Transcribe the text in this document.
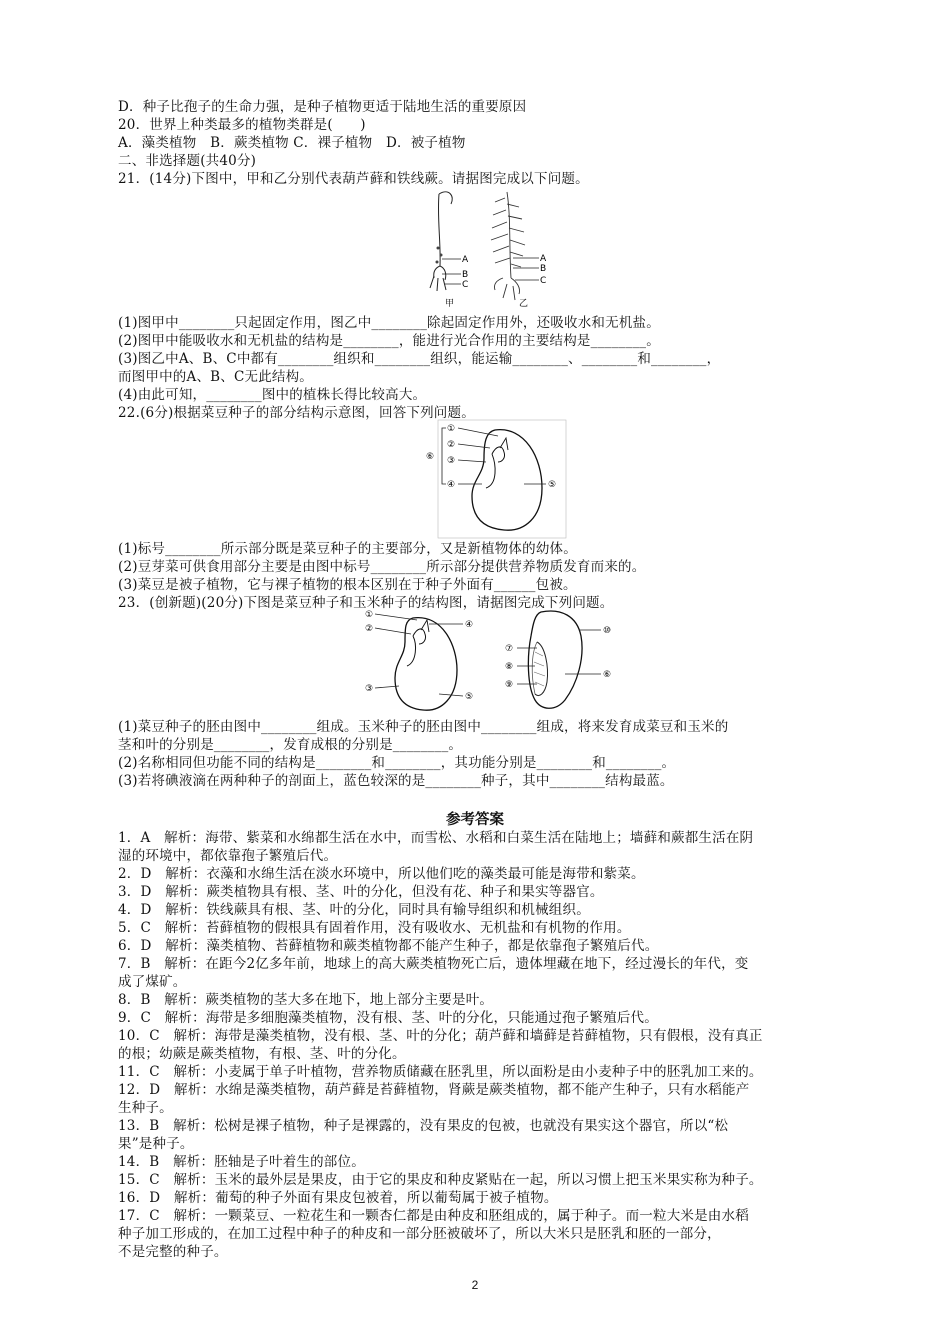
D．种子比孢子的生命力强，是种子植物更适于陆地生活的重要原因
20．世界上种类最多的植物类群是(　　)
A．藻类植物　B．蕨类植物 C．裸子植物　D．被子植物
二、非选择题(共40分)
21．(14分)下图中，甲和乙分别代表葫芦藓和铁线蕨。请据图完成以下问题。
A
B
C
甲
A
B
C
乙
(1)图甲中________只起固定作用，图乙中________除起固定作用外，还吸收水和无机盐。
(2)图甲中能吸收水和无机盐的结构是________，能进行光合作用的主要结构是________。
(3)图乙中A、B、C中都有________组织和________组织，能运输________、________和________，
而图甲中的A、B、C无此结构。
(4)由此可知，________图中的植株长得比较高大。
22.(6分)根据菜豆种子的部分结构示意图，回答下列问题。
①
②
③
④	⑤
⑥
(1)标号________所示部分既是菜豆种子的主要部分，又是新植物体的幼体。
(2)豆芽菜可供食用部分主要是由图中标号________所示部分提供营养物质发育而来的。
(3)菜豆是被子植物，它与裸子植物的根本区别在于种子外面有______包被。
23．(创新题)(20分)下图是菜豆种子和玉米种子的结构图，请据图完成下列问题。
①
②
③
④
⑤
⑦
⑧
⑨
⑩
⑥
(1)菜豆种子的胚由图中________组成。玉米种子的胚由图中________组成，将来发育成菜豆和玉米的
茎和叶的分别是________，发育成根的分别是________。
(2)名称相同但功能不同的结构是________和________，其功能分别是________和________。
(3)若将碘液滴在两种种子的剖面上，蓝色较深的是________种子，其中________结构最蓝。
参考答案
1．A　解析：海带、紫菜和水绵都生活在水中，而雪松、水稻和白菜生活在陆地上；墙藓和蕨都生活在阴
湿的环境中，都依靠孢子繁殖后代。
2．D　解析：衣藻和水绵生活在淡水环境中，所以他们吃的藻类最可能是海带和紫菜。
3．D　解析：蕨类植物具有根、茎、叶的分化，但没有花、种子和果实等器官。
4．D　解析：铁线蕨具有根、茎、叶的分化，同时具有输导组织和机械组织。
5．C　解析：苔藓植物的假根具有固着作用，没有吸收水、无机盐和有机物的作用。
6．D　解析：藻类植物、苔藓植物和蕨类植物都不能产生种子，都是依靠孢子繁殖后代。
7．B　解析：在距今2亿多年前，地球上的高大蕨类植物死亡后，遗体埋藏在地下，经过漫长的年代，变
成了煤矿。
8．B　解析：蕨类植物的茎大多在地下，地上部分主要是叶。
9．C　解析：海带是多细胞藻类植物，没有根、茎、叶的分化，只能通过孢子繁殖后代。
10．C　解析：海带是藻类植物，没有根、茎、叶的分化；葫芦藓和墙藓是苔藓植物，只有假根，没有真正
的根；幼蕨是蕨类植物，有根、茎、叶的分化。
11．C　解析：小麦属于单子叶植物，营养物质储藏在胚乳里，所以面粉是由小麦种子中的胚乳加工来的。
12．D　解析：水绵是藻类植物，葫芦藓是苔藓植物，肾蕨是蕨类植物，都不能产生种子，只有水稻能产
生种子。
13．B　解析：松树是裸子植物，种子是裸露的，没有果皮的包被，也就没有果实这个器官，所以“松
果”是种子。
14．B　解析：胚轴是子叶着生的部位。
15．C　解析：玉米的最外层是果皮，由于它的果皮和种皮紧贴在一起，所以习惯上把玉米果实称为种子。
16．D　解析：葡萄的种子外面有果皮包被着，所以葡萄属于被子植物。
17．C　解析：一颗菜豆、一粒花生和一颗杏仁都是由种皮和胚组成的，属于种子。而一粒大米是由水稻
种子加工形成的，在加工过程中种子的种皮和一部分胚被破坏了，所以大米只是胚乳和胚的一部分，
不是完整的种子。
2
